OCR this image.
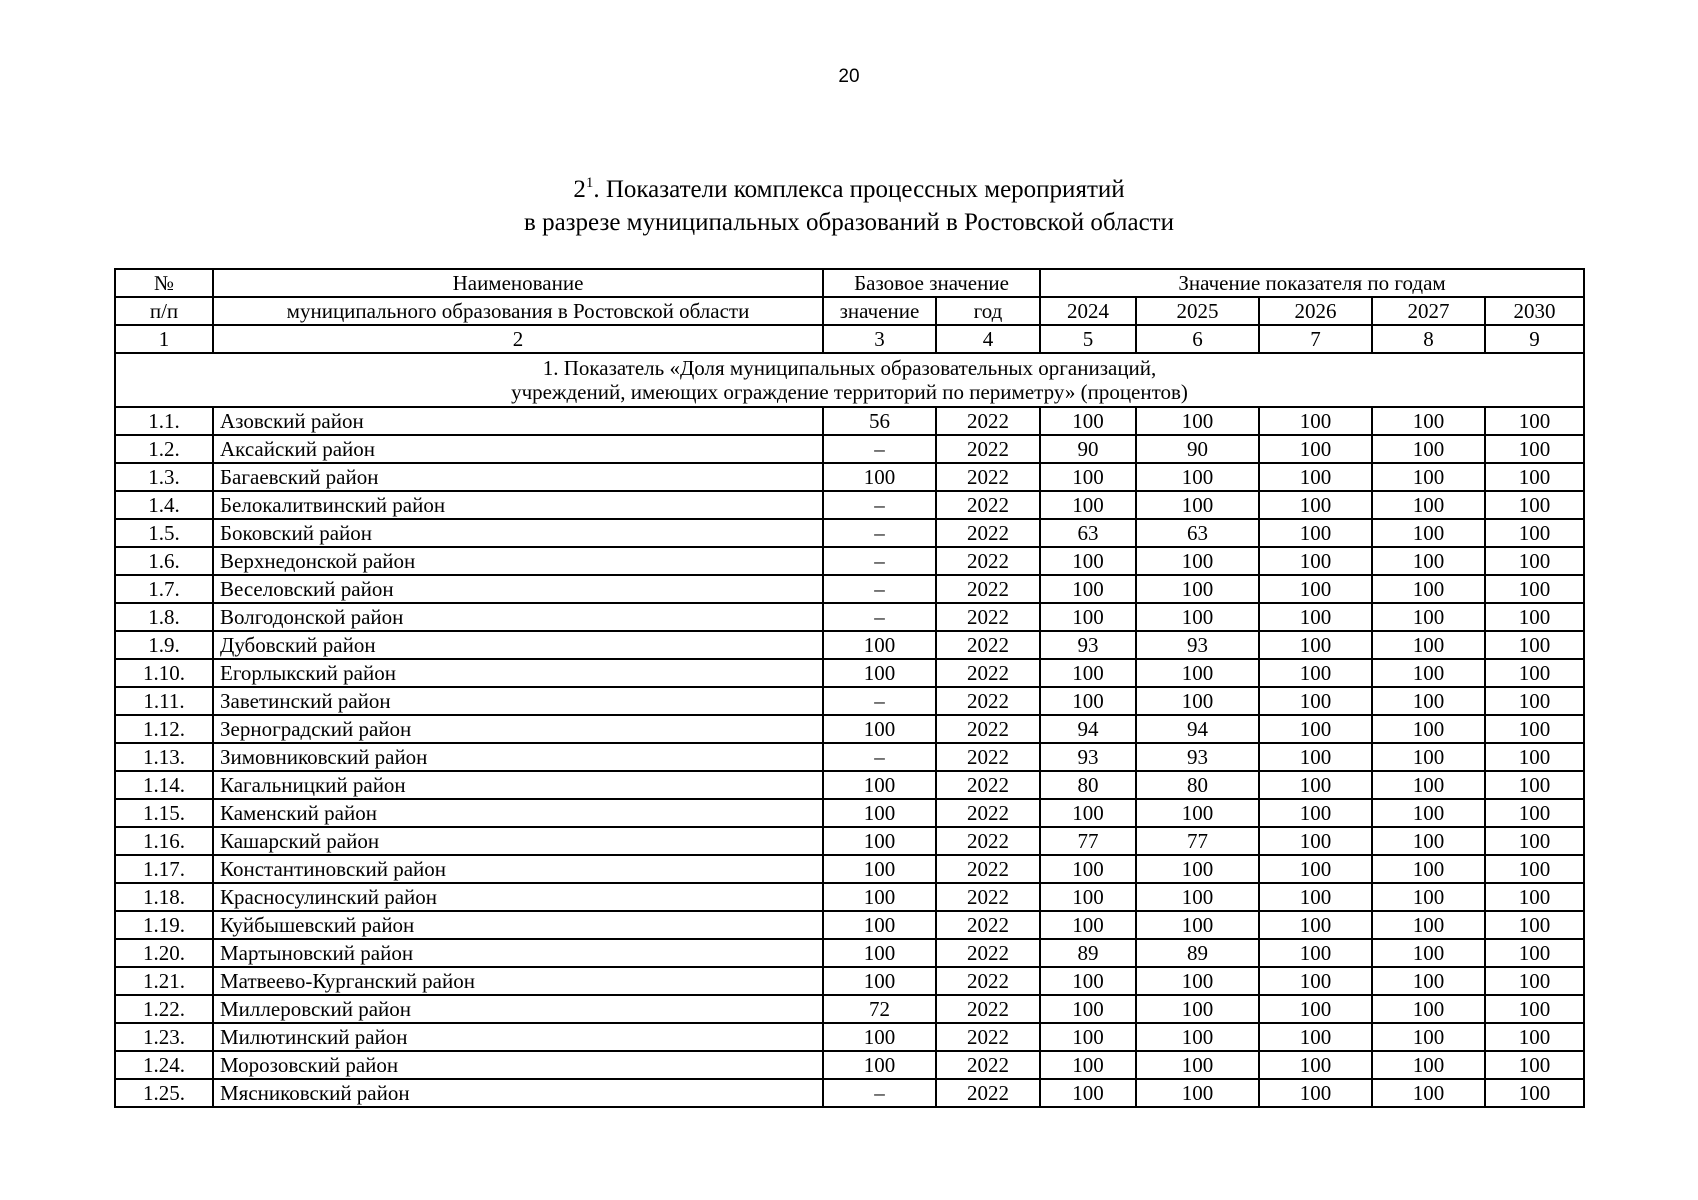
20
$2^1$. Показатели комплекса процессных мероприятий
в разрезе муниципальных образований в Ростовской области
№	Наименование	Базовое значение		Значение показателя по годам				
п/п	муниципального образования в Ростовской области	значение	год	2024	2025	2026	2027	2030
1	2	3	4	5	6	7	8	9

1. Показатель «Доля муниципальных образовательных организаций,
учреждений, имеющих ограждение территорий по периметру» (процентов)								

1.1.	Азовский район	56	2022	100	100	100	100	100
1.2.	Аксайский район	–	2022	90	90	100	100	100
1.3.	Багаевский район	100	2022	100	100	100	100	100
1.4.	Белокалитвинский район	–	2022	100	100	100	100	100
1.5.	Боковский район	–	2022	63	63	100	100	100
1.6.	Верхнедонской район	–	2022	100	100	100	100	100
1.7.	Веселовский район	–	2022	100	100	100	100	100
1.8.	Волгодонской район	–	2022	100	100	100	100	100
1.9.	Дубовский район	100	2022	93	93	100	100	100
1.10.	Егорлыкский район	100	2022	100	100	100	100	100
1.11.	Заветинский район	–	2022	100	100	100	100	100
1.12.	Зерноградский район	100	2022	94	94	100	100	100
1.13.	Зимовниковский район	–	2022	93	93	100	100	100
1.14.	Кагальницкий район	100	2022	80	80	100	100	100
1.15.	Каменский район	100	2022	100	100	100	100	100
1.16.	Кашарский район	100	2022	77	77	100	100	100
1.17.	Константиновский район	100	2022	100	100	100	100	100
1.18.	Красносулинский район	100	2022	100	100	100	100	100
1.19.	Куйбышевский район	100	2022	100	100	100	100	100
1.20.	Мартыновский район	100	2022	89	89	100	100	100
1.21.	Матвеево-Курганский район	100	2022	100	100	100	100	100
1.22.	Миллеровский район	72	2022	100	100	100	100	100
1.23.	Милютинский район	100	2022	100	100	100	100	100
1.24.	Морозовский район	100	2022	100	100	100	100	100
1.25.	Мясниковский район	–	2022	100	100	100	100	100
